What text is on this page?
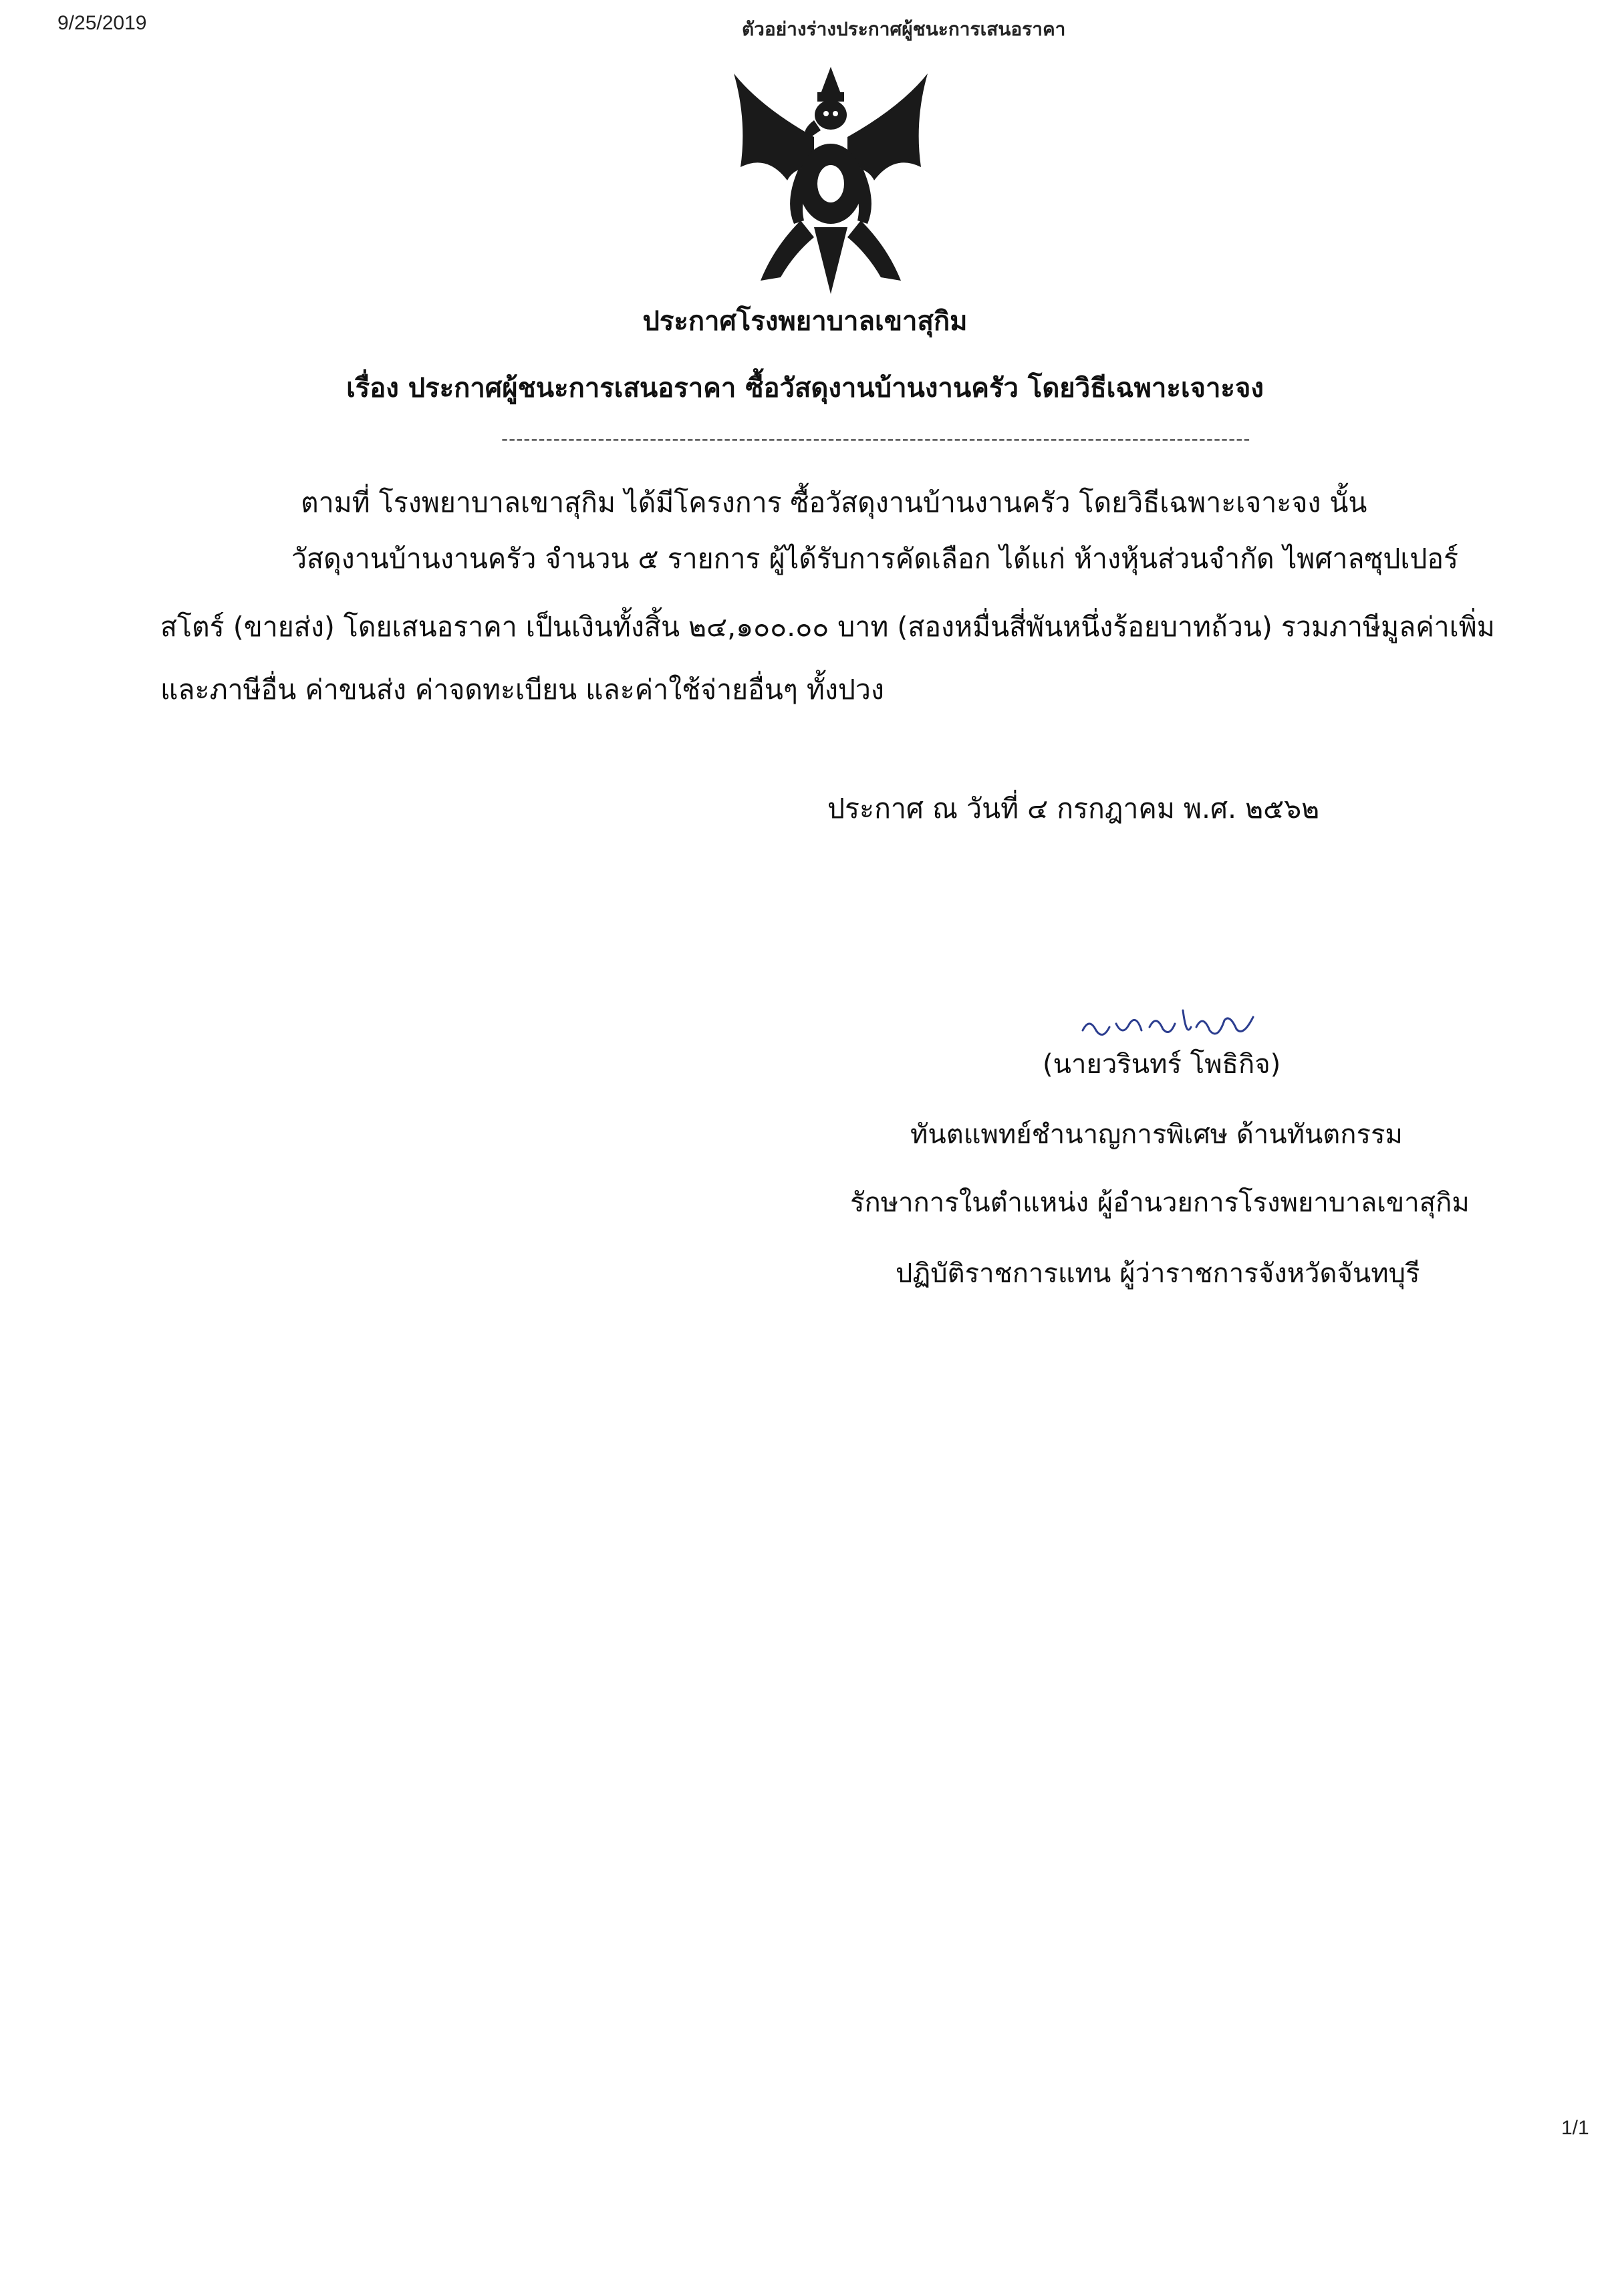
9/25/2019	ตัวอย่างร่างประกาศผู้ชนะการเสนอราคา
ประกาศโรงพยาบาลเขาสุกิม
เรื่อง ประกาศผู้ชนะการเสนอราคา ซื้อวัสดุงานบ้านงานครัว โดยวิธีเฉพาะเจาะจง
-----------------------------------------------------------------------------------------------------
ตามที่ โรงพยาบาลเขาสุกิม ได้มีโครงการ ซื้อวัสดุงานบ้านงานครัว โดยวิธีเฉพาะเจาะจง นั้น
วัสดุงานบ้านงานครัว จำนวน ๕ รายการ ผู้ได้รับการคัดเลือก ได้แก่ ห้างหุ้นส่วนจำกัด ไพศาลซุปเปอร์
สโตร์ (ขายส่ง) โดยเสนอราคา เป็นเงินทั้งสิ้น ๒๔,๑๐๐.๐๐ บาท (สองหมื่นสี่พันหนึ่งร้อยบาทถ้วน) รวมภาษีมูลค่าเพิ่ม
และภาษีอื่น ค่าขนส่ง ค่าจดทะเบียน และค่าใช้จ่ายอื่นๆ ทั้งปวง
ประกาศ ณ วันที่ ๔ กรกฎาคม พ.ศ. ๒๕๖๒
(นายวรินทร์ โพธิกิจ)
ทันตแพทย์ชำนาญการพิเศษ ด้านทันตกรรม
รักษาการในตำแหน่ง ผู้อำนวยการโรงพยาบาลเขาสุกิม
ปฏิบัติราชการแทน ผู้ว่าราชการจังหวัดจันทบุรี
1/1
